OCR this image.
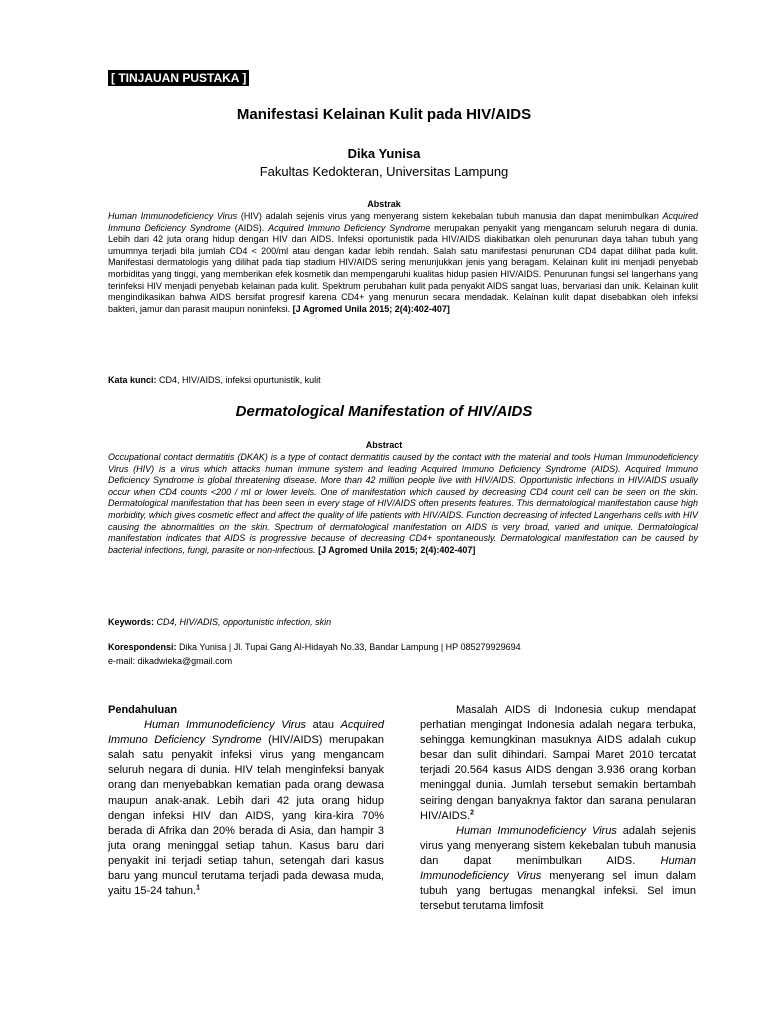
[ TINJAUAN PUSTAKA ]
Manifestasi Kelainan Kulit pada HIV/AIDS
Dika Yunisa
Fakultas Kedokteran, Universitas Lampung
Abstrak
Human Immunodeficiency Virus (HIV) adalah sejenis virus yang menyerang sistem kekebalan tubuh manusia dan dapat menimbulkan Acquired Immuno Deficiency Syndrome (AIDS). Acquired Immuno Deficiency Syndrome merupakan penyakit yang mengancam seluruh negara di dunia. Lebih dari 42 juta orang hidup dengan HIV dan AIDS. Infeksi oportunistik pada HIV/AIDS diakibatkan oleh penurunan daya tahan tubuh yang umumnya terjadi bila jumlah CD4 < 200/ml atau dengan kadar lebih rendah. Salah satu manifestasi penurunan CD4 dapat dilihat pada kulit. Manifestasi dermatologis yang dilihat pada tiap stadium HIV/AIDS sering menunjukkan jenis yang beragam. Kelainan kulit ini menjadi penyebab morbiditas yang tinggi, yang memberikan efek kosmetik dan mempengaruhi kualitas hidup pasien HIV/AIDS. Penurunan fungsi sel langerhans yang terinfeksi HIV menjadi penyebab kelainan pada kulit. Spektrum perubahan kulit pada penyakit AIDS sangat luas, bervariasi dan unik. Kelainan kulit mengindikasikan bahwa AIDS bersifat progresif karena CD4+ yang menurun secara mendadak. Kelainan kulit dapat disebabkan oleh infeksi bakteri, jamur dan parasit maupun noninfeksi. [J Agromed Unila 2015; 2(4):402-407]
Kata kunci: CD4, HIV/AIDS, infeksi opurtunistik, kulit
Dermatological Manifestation of HIV/AIDS
Abstract
Occupational contact dermatitis (DKAK) is a type of contact dermatitis caused by the contact with the material and tools Human Immunodeficiency Virus (HIV) is a virus which attacks human immune system and leading Acquired Immuno Deficiency Syndrome (AIDS). Acquired Immuno Deficiency Syndrome is global threatening disease. More than 42 million people live with HIV/AIDS. Opportunistic infections in HIV/AIDS usually occur when CD4 counts <200 / ml or lower levels. One of manifestation which caused by decreasing CD4 count cell can be seen on the skin. Dermatological manifestation that has been seen in every stage of HIV/AIDS often presents features. This dermatological manifestation cause high morbidity, which gives cosmetic effect and affect the quality of life patients with HIV/AIDS. Function decreasing of infected Langerhans cells with HIV causing the abnormalities on the skin. Spectrum of dermatological manifestation on AIDS is very broad, varied and unique. Dermatological manifestation indicates that AIDS is progressive because of decreasing CD4+ spontaneously. Dermatological manifestation can be caused by bacterial infections, fungi, parasite or non-infectious. [J Agromed Unila 2015; 2(4):402-407]
Keywords: CD4, HIV/ADIS, opportunistic infection, skin
Korespondensi: Dika Yunisa | Jl. Tupai Gang Al-Hidayah No.33, Bandar Lampung | HP 085279929694
e-mail: dikadwieka@gmail.com

Pendahuluan

Human Immunodeficiency Virus atau Acquired Immuno Deficiency Syndrome (HIV/AIDS) merupakan salah satu penyakit infeksi virus yang mengancam seluruh negara di dunia. HIV telah menginfeksi banyak orang dan menyebabkan kematian pada orang dewasa maupun anak-anak. Lebih dari 42 juta orang hidup dengan infeksi HIV dan AIDS, yang kira-kira 70% berada di Afrika dan 20% berada di Asia, dan hampir 3 juta orang meninggal setiap tahun. Kasus baru dari penyakit ini terjadi setiap tahun, setengah dari kasus baru yang muncul terutama terjadi pada dewasa muda, yaitu 15-24 tahun.$^1$

Masalah AIDS di Indonesia cukup mendapat perhatian mengingat Indonesia adalah negara terbuka, sehingga kemungkinan masuknya AIDS adalah cukup besar dan sulit dihindari. Sampai Maret 2010 tercatat terjadi 20.564 kasus AIDS dengan 3.936 orang korban meninggal dunia. Jumlah tersebut semakin bertambah seiring dengan banyaknya faktor dan sarana penularan HIV/AIDS.$^2$

Human Immunodeficiency Virus adalah sejenis virus yang menyerang sistem kekebalan tubuh manusia dan dapat menimbulkan AIDS. Human Immunodeficiency Virus menyerang sel imun dalam tubuh yang bertugas menangkal infeksi. Sel imun tersebut terutama limfosit
